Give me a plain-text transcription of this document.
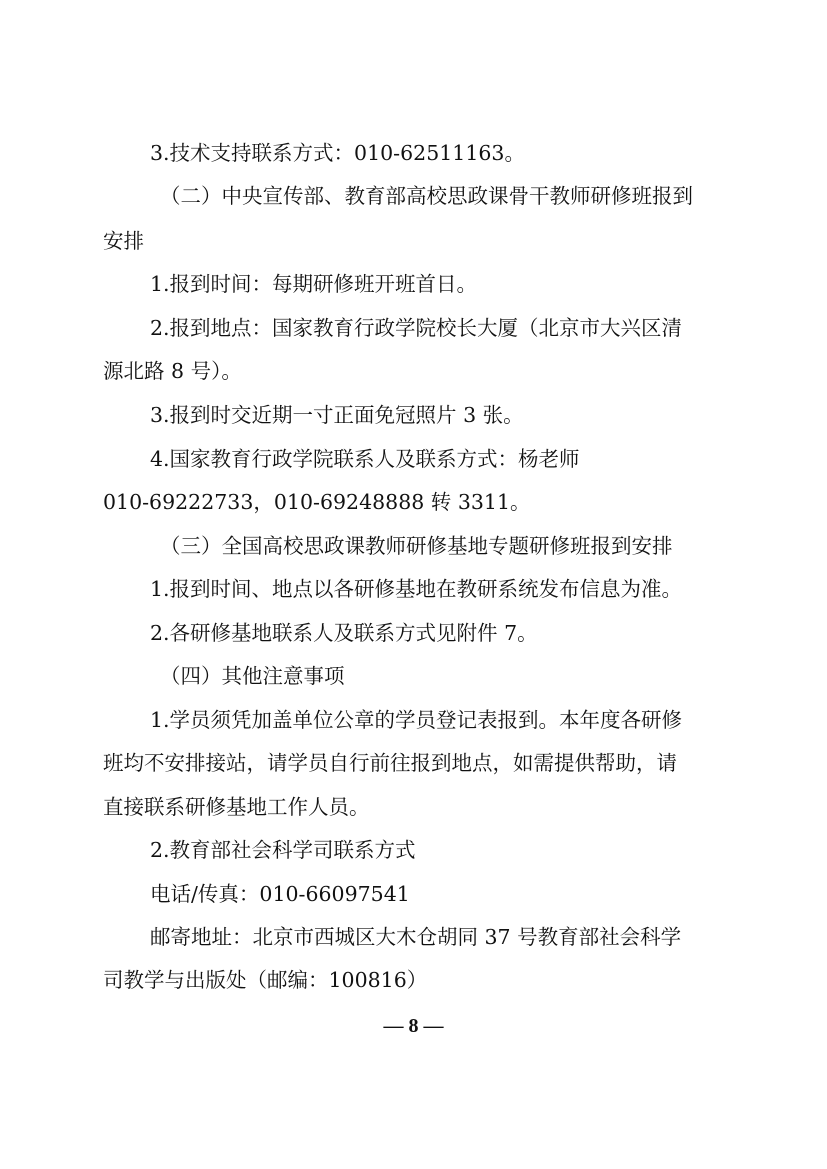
3.技术支持联系方式：010-62511163。

（二）中央宣传部、教育部高校思政课骨干教师研修班报到

安排

1.报到时间：每期研修班开班首日。

2.报到地点：国家教育行政学院校长大厦（北京市大兴区清

源北路 8 号）。

3.报到时交近期一寸正面免冠照片 3 张。

4.国家教育行政学院联系人及联系方式：杨老师

010-69222733，010-69248888 转 3311。

（三）全国高校思政课教师研修基地专题研修班报到安排

1.报到时间、地点以各研修基地在教研系统发布信息为准。

2.各研修基地联系人及联系方式见附件 7。

（四）其他注意事项

1.学员须凭加盖单位公章的学员登记表报到。本年度各研修

班均不安排接站，请学员自行前往报到地点，如需提供帮助，请

直接联系研修基地工作人员。

2.教育部社会科学司联系方式

电话/传真：010-66097541

邮寄地址：北京市西城区大木仓胡同 37 号教育部社会科学

司教学与出版处（邮编：100816）

— 8 —
